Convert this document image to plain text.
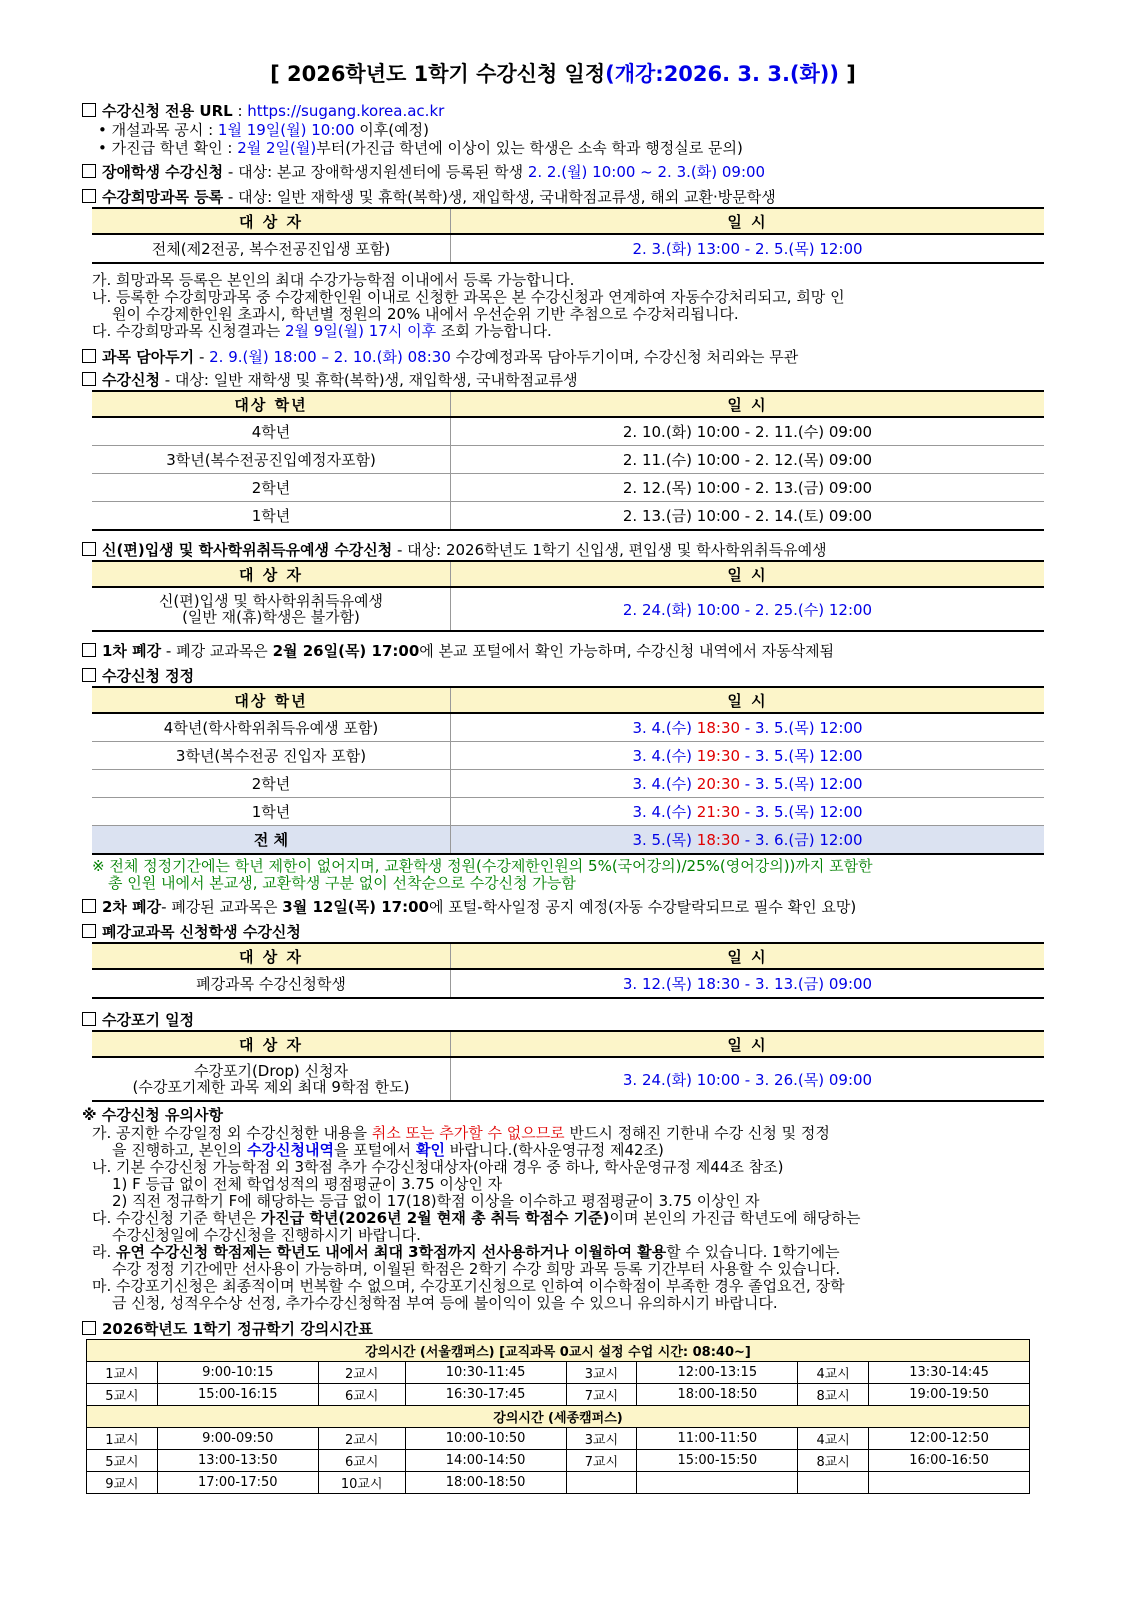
[ 2026학년도 1학기 수강신청 일정(개강:2026. 3. 3.(화)) ]
수강신청 전용 URL : https://sugang.korea.ac.kr
• 개설과목 공시 : 1월 19일(월) 10:00 이후(예정)
• 가진급 학년 확인 : 2월 2일(월)부터(가진급 학년에 이상이 있는 학생은 소속 학과 행정실로 문의)
장애학생 수강신청 - 대상: 본교 장애학생지원센터에 등록된 학생 2. 2.(월) 10:00 ~ 2. 3.(화) 09:00
수강희망과목 등록 - 대상: 일반 재학생 및 휴학(복학)생, 재입학생, 국내학점교류생, 해외 교환·방문학생
대 상 자	일 시
전체(제2전공, 복수전공진입생 포함)	2. 3.(화) 13:00 - 2. 5.(목) 12:00
가. 희망과목 등록은 본인의 최대 수강가능학점 이내에서 등록 가능합니다.
나. 등록한 수강희망과목 중 수강제한인원 이내로 신청한 과목은 본 수강신청과 연계하여 자동수강처리되고, 희망 인
원이 수강제한인원 초과시, 학년별 정원의 20% 내에서 우선순위 기반 추첨으로 수강처리됩니다.
다. 수강희망과목 신청결과는 2월 9일(월) 17시 이후 조회 가능합니다.
과목 담아두기 - 2. 9.(월) 18:00 – 2. 10.(화) 08:30 수강예정과목 담아두기이며, 수강신청 처리와는 무관
수강신청 - 대상: 일반 재학생 및 휴학(복학)생, 재입학생, 국내학점교류생
대상 학년	일 시
4학년	2. 10.(화) 10:00 - 2. 11.(수) 09:00
3학년(복수전공진입예정자포함)	2. 11.(수) 10:00 - 2. 12.(목) 09:00
2학년	2. 12.(목) 10:00 - 2. 13.(금) 09:00
1학년	2. 13.(금) 10:00 - 2. 14.(토) 09:00
신(편)입생 및 학사학위취득유예생 수강신청 - 대상: 2026학년도 1학기 신입생, 편입생 및 학사학위취득유예생
대 상 자	일 시

신(편)입생 및 학사학위취득유예생
(일반 재(휴)학생은 불가함)	2. 24.(화) 10:00 - 2. 25.(수) 12:00
1차 폐강 - 폐강 교과목은 2월 26일(목) 17:00에 본교 포털에서 확인 가능하며, 수강신청 내역에서 자동삭제됨
수강신청 정정
대상 학년	일 시
4학년(학사학위취득유예생 포함)	3. 4.(수) 18:30 - 3. 5.(목) 12:00
3학년(복수전공 진입자 포함)	3. 4.(수) 19:30 - 3. 5.(목) 12:00
2학년	3. 4.(수) 20:30 - 3. 5.(목) 12:00
1학년	3. 4.(수) 21:30 - 3. 5.(목) 12:00
전 체	3. 5.(목) 18:30 - 3. 6.(금) 12:00
※ 전체 정정기간에는 학년 제한이 없어지며, 교환학생 정원(수강제한인원의 5%(국어강의)/25%(영어강의))까지 포함한
총 인원 내에서 본교생, 교환학생 구분 없이 선착순으로 수강신청 가능함
2차 폐강- 폐강된 교과목은 3월 12일(목) 17:00에 포털-학사일정 공지 예정(자동 수강탈락되므로 필수 확인 요망)
폐강교과목 신청학생 수강신청
대 상 자	일 시
폐강과목 수강신청학생	3. 12.(목) 18:30 - 3. 13.(금) 09:00
수강포기 일정
대 상 자	일 시

수강포기(Drop) 신청자
(수강포기제한 과목 제외 최대 9학점 한도)	3. 24.(화) 10:00 - 3. 26.(목) 09:00
※ 수강신청 유의사항
가. 공지한 수강일정 외 수강신청한 내용을 취소 또는 추가할 수 없으므로 반드시 정해진 기한내 수강 신청 및 정정
을 진행하고, 본인의 수강신청내역을 포털에서 확인 바랍니다.(학사운영규정 제42조)
나. 기본 수강신청 가능학점 외 3학점 추가 수강신청대상자(아래 경우 중 하나, 학사운영규정 제44조 참조)
1) F 등급 없이 전체 학업성적의 평점평균이 3.75 이상인 자
2) 직전 정규학기 F에 해당하는 등급 없이 17(18)학점 이상을 이수하고 평점평균이 3.75 이상인 자
다. 수강신청 기준 학년은 가진급 학년(2026년 2월 현재 총 취득 학점수 기준)이며 본인의 가진급 학년도에 해당하는
수강신청일에 수강신청을 진행하시기 바랍니다.
라. 유연 수강신청 학점제는 학년도 내에서 최대 3학점까지 선사용하거나 이월하여 활용할 수 있습니다. 1학기에는
수강 정정 기간에만 선사용이 가능하며, 이월된 학점은 2학기 수강 희망 과목 등록 기간부터 사용할 수 있습니다.
마. 수강포기신청은 최종적이며 번복할 수 없으며, 수강포기신청으로 인하여 이수학점이 부족한 경우 졸업요건, 장학
금 신청, 성적우수상 선정, 추가수강신청학점 부여 등에 불이익이 있을 수 있으니 유의하시기 바랍니다.
2026학년도 1학기 정규학기 강의시간표
강의시간 (서울캠퍼스) [교직과목 0교시 설정 수업 시간: 08:40~]							
1교시	9:00-10:15	2교시	10:30-11:45	3교시	12:00-13:15	4교시	13:30-14:45
5교시	15:00-16:15	6교시	16:30-17:45	7교시	18:00-18:50	8교시	19:00-19:50
강의시간 (세종캠퍼스)							
1교시	9:00-09:50	2교시	10:00-10:50	3교시	11:00-11:50	4교시	12:00-12:50
5교시	13:00-13:50	6교시	14:00-14:50	7교시	15:00-15:50	8교시	16:00-16:50
9교시	17:00-17:50	10교시	18:00-18:50				
